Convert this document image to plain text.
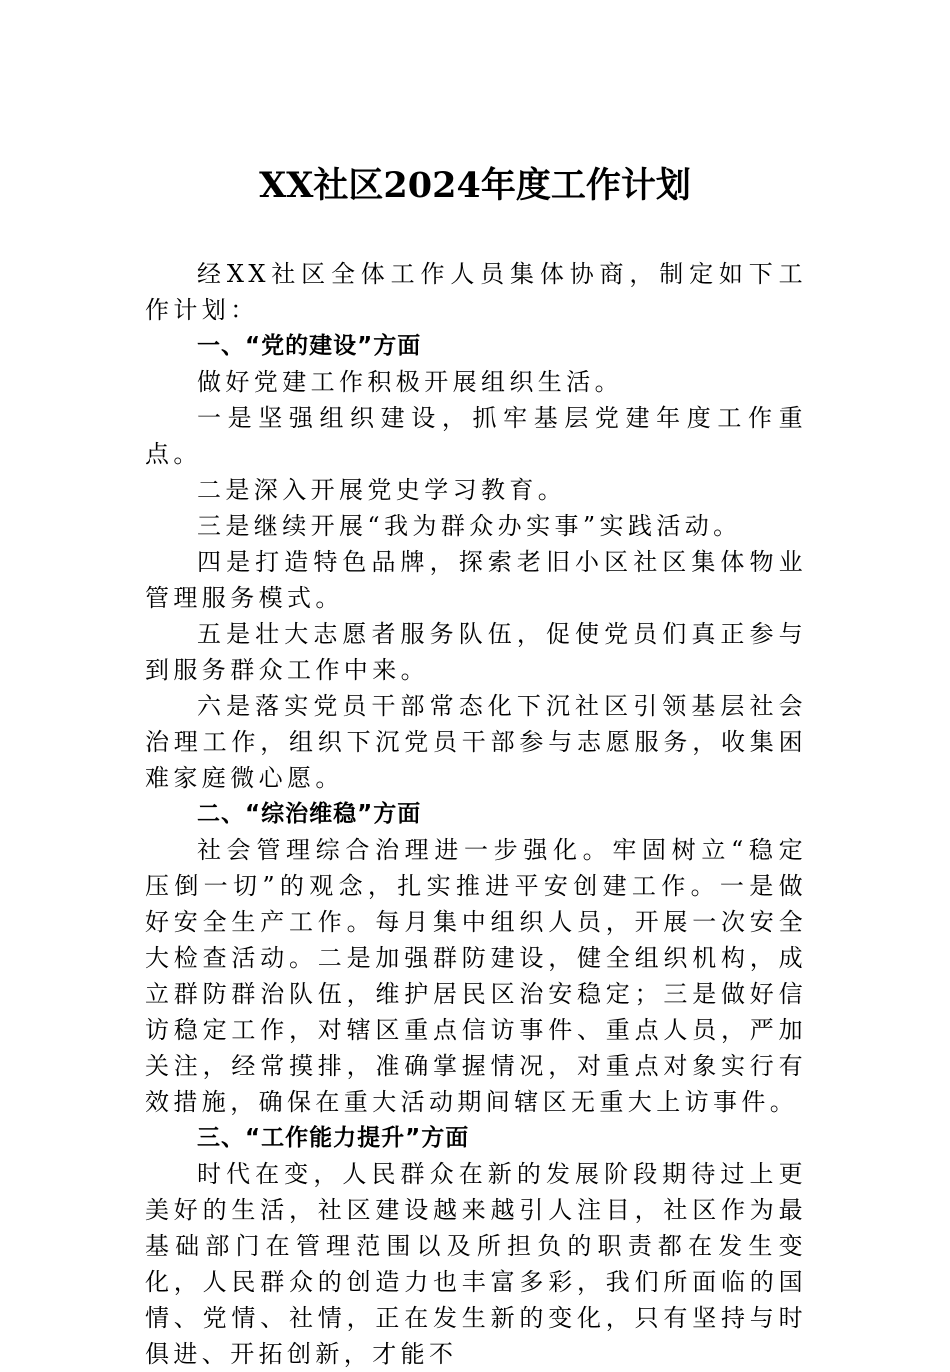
XX社区2024年度工作计划

经XX社区全体工作人员集体协商，制定如下工作计划：

一、“党的建设”方面

做好党建工作积极开展组织生活。

一是坚强组织建设，抓牢基层党建年度工作重点。

二是深入开展党史学习教育。

三是继续开展“我为群众办实事”实践活动。

四是打造特色品牌，探索老旧小区社区集体物业管理服务模式。

五是壮大志愿者服务队伍，促使党员们真正参与到服务群众工作中来。

六是落实党员干部常态化下沉社区引领基层社会治理工作，组织下沉党员干部参与志愿服务，收集困难家庭微心愿。

二、“综治维稳”方面

社会管理综合治理进一步强化。牢固树立“稳定压倒一切”的观念，扎实推进平安创建工作。一是做好安全生产工作。每月集中组织人员，开展一次安全大检查活动。二是加强群防建设，健全组织机构，成立群防群治队伍，维护居民区治安稳定；三是做好信访稳定工作，对辖区重点信访事件、重点人员，严加关注，经常摸排，准确掌握情况，对重点对象实行有效措施，确保在重大活动期间辖区无重大上访事件。

三、“工作能力提升”方面

时代在变，人民群众在新的发展阶段期待过上更美好的生活，社区建设越来越引人注目，社区作为最基础部门在管理范围以及所担负的职责都在发生变化，人民群众的创造力也丰富多彩，我们所面临的国情、党情、社情，正在发生新的变化，只有坚持与时俱进、开拓创新，才能不
